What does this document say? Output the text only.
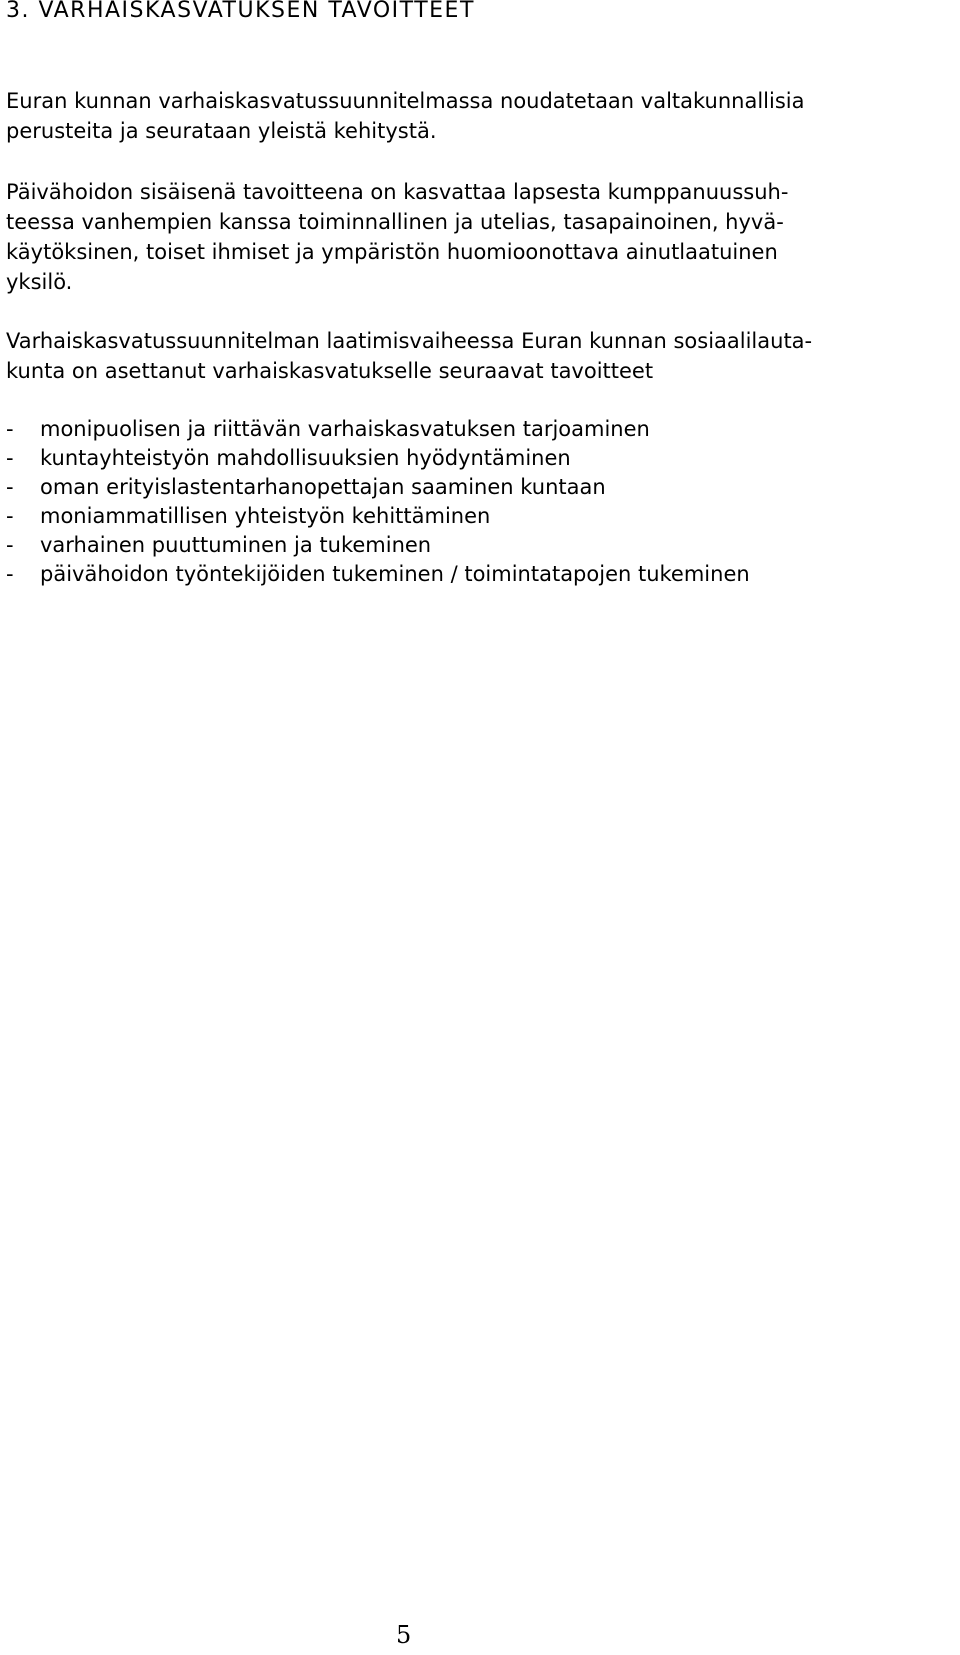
3. VARHAISKASVATUKSEN TAVOITTEET

Euran kunnan varhaiskasvatussuunnitelmassa noudatetaan valtakunnallisia
perusteita ja seurataan yleistä kehitystä.

Päivähoidon sisäisenä tavoitteena on kasvattaa lapsesta kumppanuussuh-
teessa vanhempien kanssa toiminnallinen ja utelias, tasapainoinen, hyvä-
käytöksinen, toiset ihmiset ja ympäristön huomioonottava ainutlaatuinen
yksilö.

Varhaiskasvatussuunnitelman laatimisvaiheessa Euran kunnan sosiaalilauta-
kunta on asettanut varhaiskasvatukselle seuraavat tavoitteet

- monipuolisen ja riittävän varhaiskasvatuksen tarjoaminen
- kuntayhteistyön mahdollisuuksien hyödyntäminen
- oman erityislastentarhanopettajan saaminen kuntaan
- moniammatillisen yhteistyön kehittäminen
- varhainen puuttuminen ja tukeminen
- päivähoidon työntekijöiden tukeminen / toimintatapojen tukeminen
5
